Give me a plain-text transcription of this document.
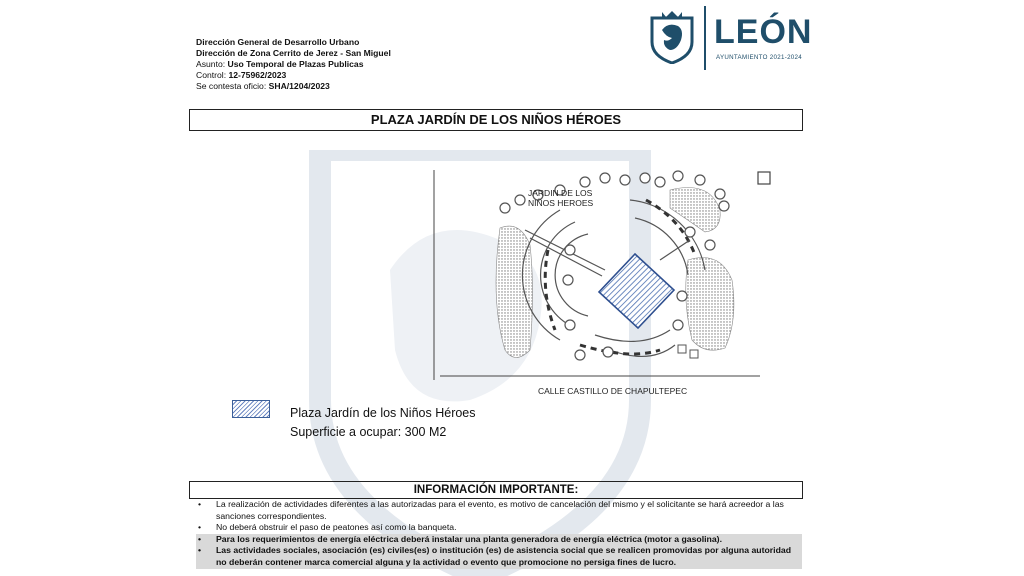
Dirección General de Desarrollo Urbano
Dirección de Zona Cerrito de Jerez - San Miguel
Asunto: Uso Temporal de Plazas Publicas
Control: 12-75962/2023
Se contesta oficio: SHA/1204/2023
LEÓN
AYUNTAMIENTO 2021-2024
PLAZA JARDÍN DE LOS NIÑOS HÉROES
JARDIN DE LOS
NIÑOS HEROES
CALLE CASTILLO DE CHAPULTEPEC
Plaza Jardín de los Niños Héroes
Superficie a ocupar: 300 M2
INFORMACIÓN IMPORTANTE:
• La realización de actividades diferentes a las autorizadas para el evento, es motivo de cancelación del mismo y el solicitante se hará acreedor a las sanciones correspondientes.
• No deberá obstruir el paso de peatones así como la banqueta.
• Para los requerimientos de energía eléctrica deberá instalar una planta generadora de energía eléctrica (motor a gasolina).
• Las actividades sociales, asociación (es) civiles(es) o institución (es) de asistencia social que se realicen promovidas por alguna autoridad no deberán contener marca comercial alguna y la actividad o evento que promocione no persiga fines de lucro.
